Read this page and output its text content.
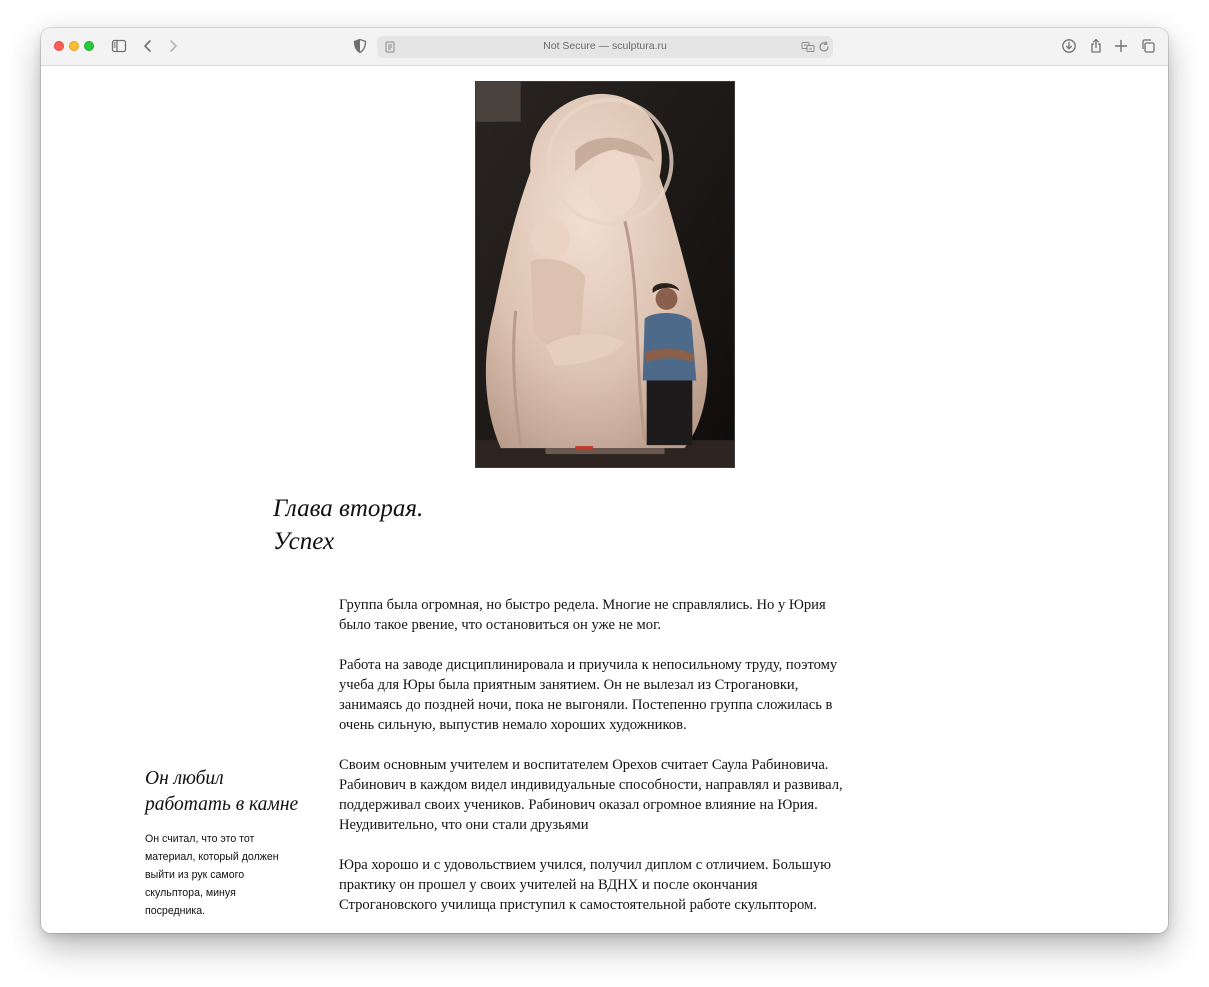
Not Secure — sculptura.ru
Глава вторая.
Успех

Группа была огромная, но быстро редела. Многие не справлялись. Но у Юрия было такое рвение, что остановиться он уже не мог.

Работа на заводе дисциплинировала и приучила к непосильному труду, поэтому учеба для Юры была приятным занятием. Он не вылезал из Строгановки, занимаясь до поздней ночи, пока не выгоняли. Постепенно группа сложилась в очень сильную, выпустив немало хороших художников.

Своим основным учителем и воспитателем Орехов считает Саула Рабиновича. Рабинович в каждом видел индивидуальные способности, направлял и развивал, поддерживал своих учеников. Рабинович оказал огромное влияние на Юрия. Неудивительно, что они стали друзьями

Юра хорошо и с удовольствием учился, получил диплом с отличием. Большую практику он прошел у своих учителей на ВДНХ и после окончания Строгановского училища приступил к самостоятельной работе скульптором.

Он любил
работать в камне
Он считал, что это тот материал, который должен выйти из рук самого скульптора, минуя посредника.
